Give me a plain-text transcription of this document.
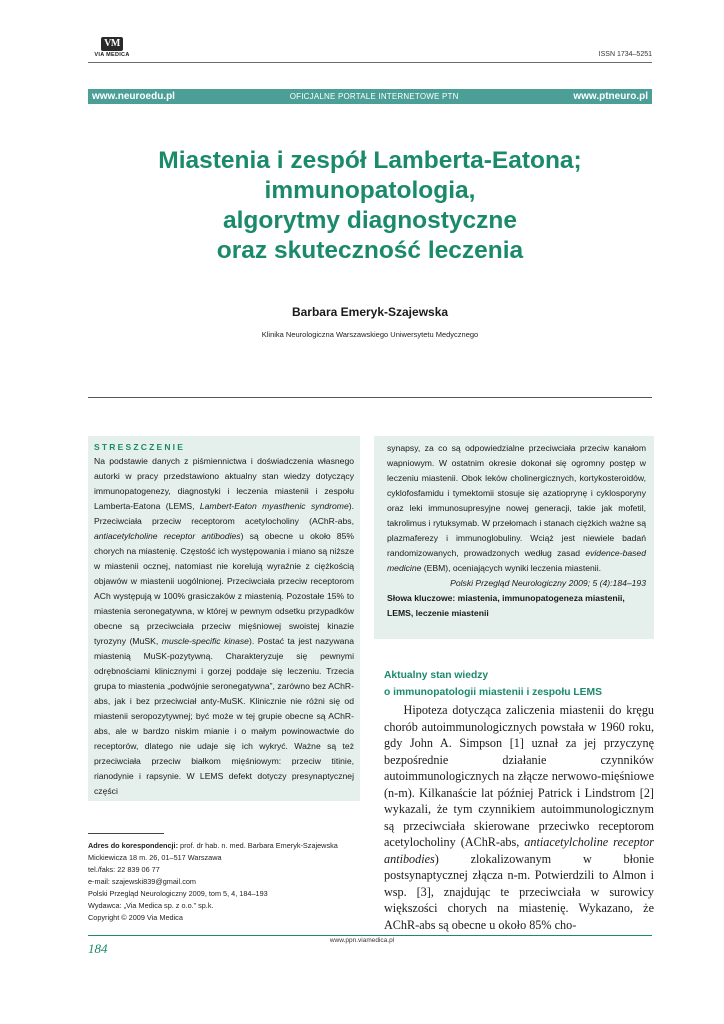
VM
VIA MEDICA	ISSN 1734–5251
www.neuroedu.pl	OFICJALNE PORTALE INTERNETOWE PTN	www.ptneuro.pl
Miastenia i zespół Lamberta-Eatona;
immunopatologia,
algorytmy diagnostyczne
oraz skuteczność leczenia
Barbara Emeryk-Szajewska
Klinika Neurologiczna Warszawskiego Uniwersytetu Medycznego
STRESZCZENIE
Na podstawie danych z piśmiennictwa i doświadczenia własnego autorki w pracy przedstawiono aktualny stan wiedzy dotyczący immunopatogenezy, diagnostyki i leczenia miastenii i zespołu Lamberta-Eatona (LEMS, Lambert-Eaton myasthenic syndrome). Przeciwciała przeciw receptorom acetylocholiny (AChR-abs, antiacetylcholine receptor antibodies) są obecne u około 85% chorych na miastenię. Częstość ich występowania i miano są niższe w miastenii ocznej, natomiast nie korelują wyraźnie z ciężkością objawów w miastenii uogólnionej. Przeciwciała przeciw receptorom ACh występują w 100% grasiczaków z miastenią. Pozostałe 15% to miastenia seronegatywna, w której w pewnym odsetku przypadków obecne są przeciwciała przeciw mięśniowej swoistej kinazie tyrozyny (MuSK, muscle-specific kinase). Postać ta jest nazywana miastenią MuSK-pozytywną. Charakteryzuje się pewnymi odrębnościami klinicznymi i gorzej poddaje się leczeniu. Trzecia grupa to miastenia „podwójnie seronegatywna”, zarówno bez AChR-abs, jak i bez przeciwciał anty-MuSK. Klinicznie nie różni się od miastenii seropozytywnej; być może w tej grupie obecne są AChR-abs, ale w bardzo niskim mianie i o małym powinowactwie do receptorów, dlatego nie udaje się ich wykryć. Ważne są też przeciwciała przeciw białkom mięśniowym: przeciw titinie, rianodynie i rapsynie. W LEMS defekt dotyczy presynaptycznej części
synapsy, za co są odpowiedzialne przeciwciała przeciw kanałom wapniowym. W ostatnim okresie dokonał się ogromny postęp w leczeniu miastenii. Obok leków cholinergicznych, kortykosteroidów, cyklofosfamidu i tymektomii stosuje się azatioprynę i cyklosporyny oraz leki immunosupresyjne nowej generacji, takie jak mofetil, takrolimus i rytuksymab. W przełomach i stanach ciężkich ważne są plazmaferezy i immunoglobuliny. Wciąż jest niewiele badań randomizowanych, prowadzonych według zasad evidence-based medicine (EBM), oceniających wyniki leczenia miastenii.
Polski Przegląd Neurologiczny 2009; 5 (4):184–193
Słowa kluczowe: miastenia, immunopatogeneza miastenii, LEMS, leczenie miastenii
Aktualny stan wiedzy
o immunopatologii miastenii i zespołu LEMS
Hipoteza dotycząca zaliczenia miastenii do kręgu chorób autoimmunologicznych powstała w 1960 roku, gdy John A. Simpson [1] uznał za jej przyczynę bezpośrednie działanie czynników autoimmunologicznych na złącze nerwowo-mięśniowe (n-m). Kilkanaście lat później Patrick i Lindstrom [2] wykazali, że tym czynnikiem autoimmunologicznym są przeciwciała skierowane przeciwko receptorom acetylocholiny (AChR-abs, antiacetylcholine receptor antibodies) zlokalizowanym w błonie postsynaptycznej złącza n-m. Potwierdzili to Almon i wsp. [3], znajdując te przeciwciała w surowicy większości chorych na miastenię. Wykazano, że AChR-abs są obecne u około 85% cho-
Adres do korespondencji: prof. dr hab. n. med. Barbara Emeryk-Szajewska
Mickiewicza 18 m. 26, 01–517 Warszawa
tel./faks: 22 839 06 77
e-mail: szajewski839@gmail.com
Polski Przegląd Neurologiczny 2009, tom 5, 4, 184–193
Wydawca: „Via Medica sp. z o.o.” sp.k.
Copyright © 2009 Via Medica
www.ppn.viamedica.pl
184
